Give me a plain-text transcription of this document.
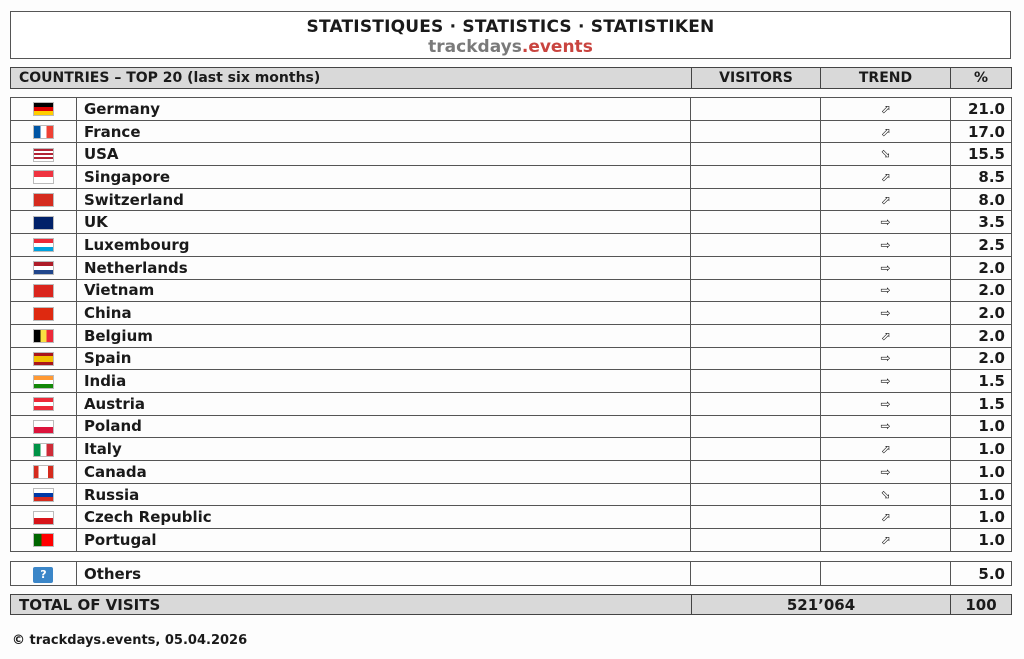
STATISTIQUES · STATISTICS · STATISTIKEN
trackdays.events
COUNTRIES – TOP 20 (last six months)	VISITORS	TREND	%
	Germany		⇨	21.0
	France		⇨	17.0
	USA		⇨	15.5
	Singapore		⇨	8.5
	Switzerland		⇨	8.0
	UK		⇨	3.5
	Luxembourg		⇨	2.5
	Netherlands		⇨	2.0
	Vietnam		⇨	2.0
	China		⇨	2.0
	Belgium		⇨	2.0
	Spain		⇨	2.0
	India		⇨	1.5
	Austria		⇨	1.5
	Poland		⇨	1.0
	Italy		⇨	1.0
	Canada		⇨	1.0
	Russia		⇨	1.0
	Czech Republic		⇨	1.0
	Portugal		⇨	1.0
?	Others			5.0
TOTAL OF VISITS	521’064	100
© trackdays.events, 05.04.2026
